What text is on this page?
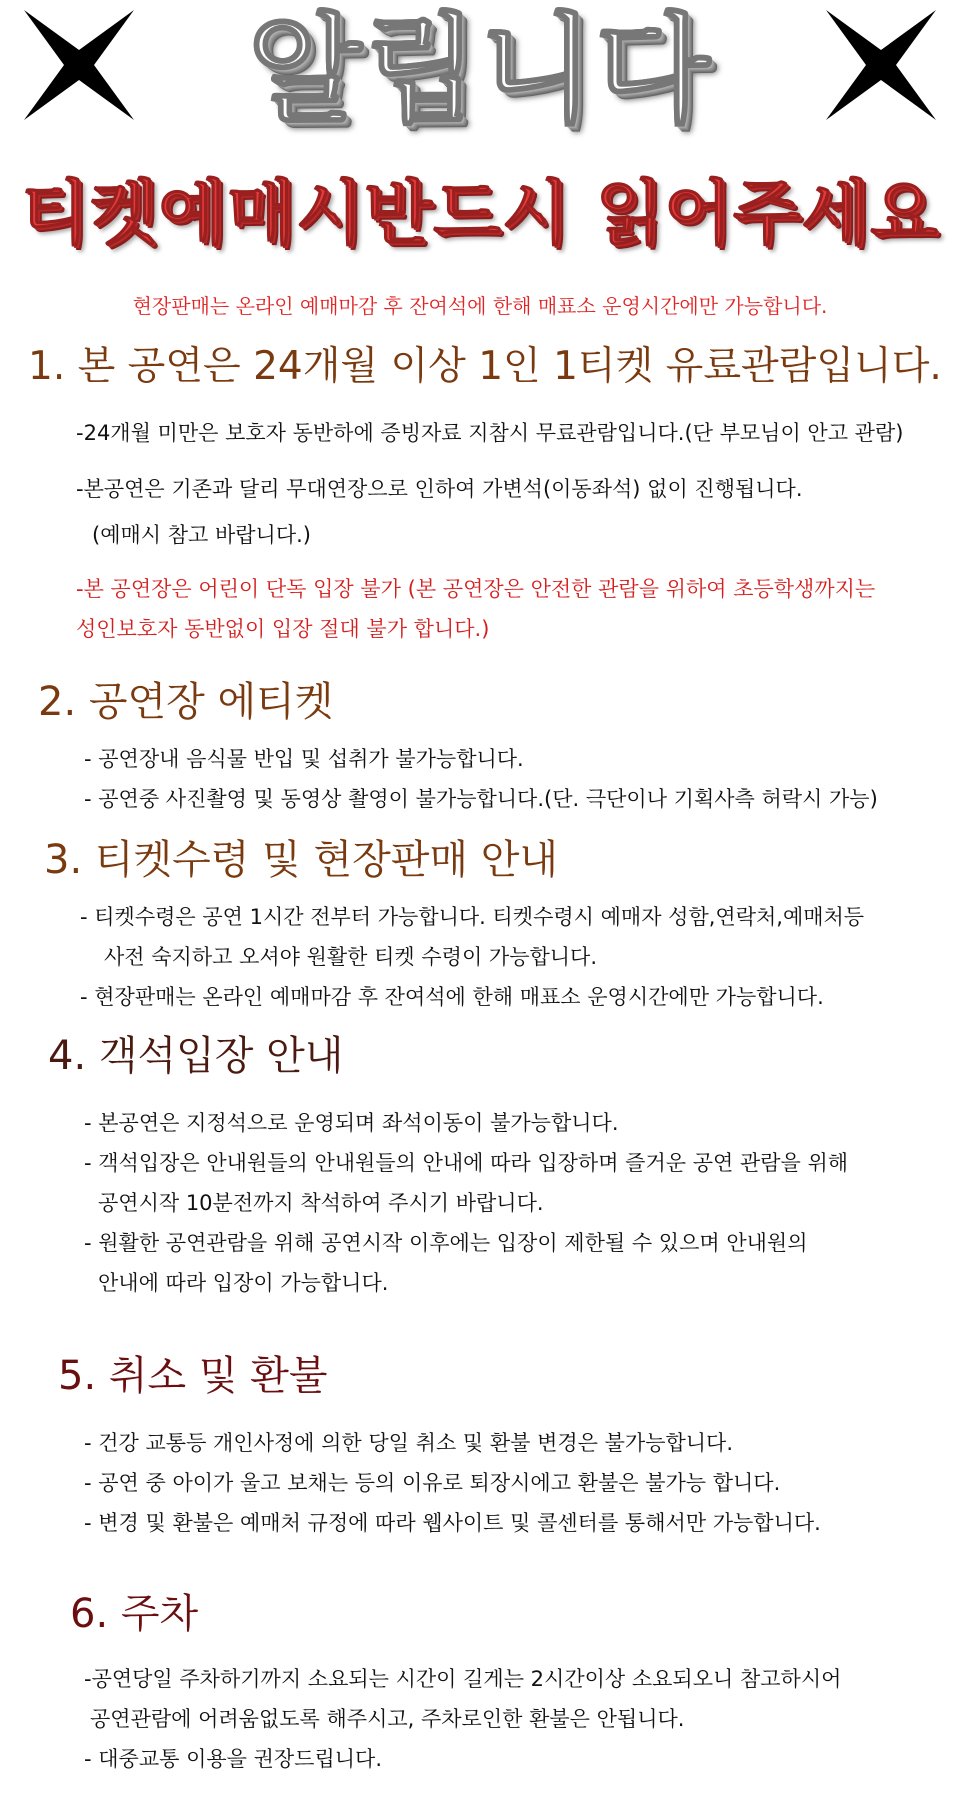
알립니다
티켓예매시반드시 읽어주세요
현장판매는 온라인 예매마감 후 잔여석에 한해 매표소 운영시간에만 가능합니다.
1. 본 공연은 24개월 이상 1인 1티켓 유료관람입니다.
-24개월 미만은 보호자 동반하에 증빙자료 지참시 무료관람입니다.(단 부모님이 안고 관람)
-본공연은 기존과 달리 무대연장으로 인하여 가변석(이동좌석) 없이 진행됩니다.
(예매시 참고 바랍니다.)
-본 공연장은 어린이 단독 입장 불가 (본 공연장은 안전한 관람을 위하여 초등학생까지는
성인보호자 동반없이 입장 절대 불가 합니다.)
2. 공연장 에티켓
- 공연장내 음식물 반입 및 섭취가 불가능합니다.
- 공연중 사진촬영 및 동영상 촬영이 불가능합니다.(단. 극단이나 기획사측 허락시 가능)
3. 티켓수령 및 현장판매 안내
- 티켓수령은 공연 1시간 전부터 가능합니다. 티켓수령시 예매자 성함,연락처,예매처등
사전 숙지하고 오셔야 원활한 티켓 수령이 가능합니다.
- 현장판매는 온라인 예매마감 후 잔여석에 한해 매표소 운영시간에만 가능합니다.
4. 객석입장 안내
- 본공연은 지정석으로 운영되며 좌석이동이 불가능합니다.
- 객석입장은 안내원들의 안내원들의 안내에 따라 입장하며 즐거운 공연 관람을 위해
공연시작 10분전까지 착석하여 주시기 바랍니다.
- 원활한 공연관람을 위해 공연시작 이후에는 입장이 제한될 수 있으며 안내원의
안내에 따라 입장이 가능합니다.
5. 취소 및 환불
- 건강 교통등 개인사정에 의한 당일 취소 및 환불 변경은 불가능합니다.
- 공연 중 아이가 울고 보채는 등의 이유로 퇴장시에고 환불은 불가능 합니다.
- 변경 및 환불은 예매처 규정에 따라 웹사이트 및 콜센터를 통해서만 가능합니다.
6. 주차
-공연당일 주차하기까지 소요되는 시간이 길게는 2시간이상 소요되오니 참고하시어
공연관람에 어려움없도록 해주시고, 주차로인한 환불은 안됩니다.
- 대중교통 이용을 권장드립니다.
